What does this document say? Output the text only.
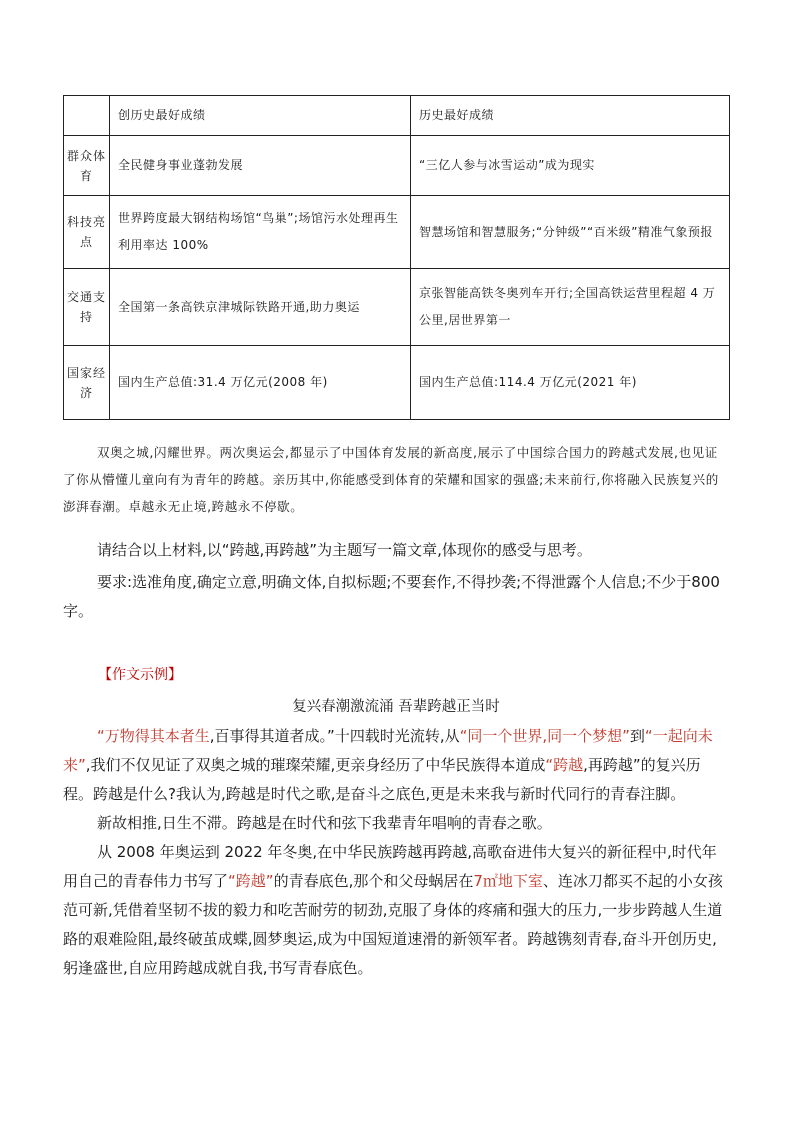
	创历史最好成绩	历史最好成绩
群众体育	全民健身事业蓬勃发展	“三亿人参与冰雪运动”成为现实
科技亮点	世界跨度最大钢结构场馆“鸟巢”;场馆污水处理再生利用率达 100%	智慧场馆和智慧服务;“分钟级”“百米级”精准气象预报
交通支持	全国第一条高铁京津城际铁路开通,助力奥运	京张智能高铁冬奥列车开行;全国高铁运营里程超 4 万公里,居世界第一
国家经济	国内生产总值:31.4 万亿元(2008 年)	国内生产总值:114.4 万亿元(2021 年)

双奥之城,闪耀世界。两次奥运会,都显示了中国体育发展的新高度,展示了中国综合国力的跨越式发展,也见证了你从懵懂儿童向有为青年的跨越。亲历其中,你能感受到体育的荣耀和国家的强盛;未来前行,你将融入民族复兴的澎湃春潮。卓越永无止境,跨越永不停歇。

请结合以上材料,以“跨越,再跨越”为主题写一篇文章,体现你的感受与思考。

要求:选准角度,确定立意,明确文体,自拟标题;不要套作,不得抄袭;不得泄露个人信息;不少于800字。

【作文示例】
复兴春潮激流涌 吾辈跨越正当时

“万物得其本者生,百事得其道者成。”十四载时光流转,从“同一个世界,同一个梦想”到“一起向未来”,我们不仅见证了双奥之城的璀璨荣耀,更亲身经历了中华民族得本道成“跨越,再跨越”的复兴历程。跨越是什么?我认为,跨越是时代之歌,是奋斗之底色,更是未来我与新时代同行的青春注脚。

新故相推,日生不滞。跨越是在时代和弦下我辈青年唱响的青春之歌。

从 2008 年奥运到 2022 年冬奥,在中华民族跨越再跨越,高歌奋进伟大复兴的新征程中,时代年用自己的青春伟力书写了“跨越”的青春底色,那个和父母蜗居在7㎡地下室、连冰刀都买不起的小女孩范可新,凭借着坚韧不拔的毅力和吃苦耐劳的韧劲,克服了身体的疼痛和强大的压力,一步步跨越人生道路的艰难险阻,最终破茧成蝶,圆梦奥运,成为中国短道速滑的新领军者。跨越镌刻青春,奋斗开创历史,躬逢盛世,自应用跨越成就自我,书写青春底色。
